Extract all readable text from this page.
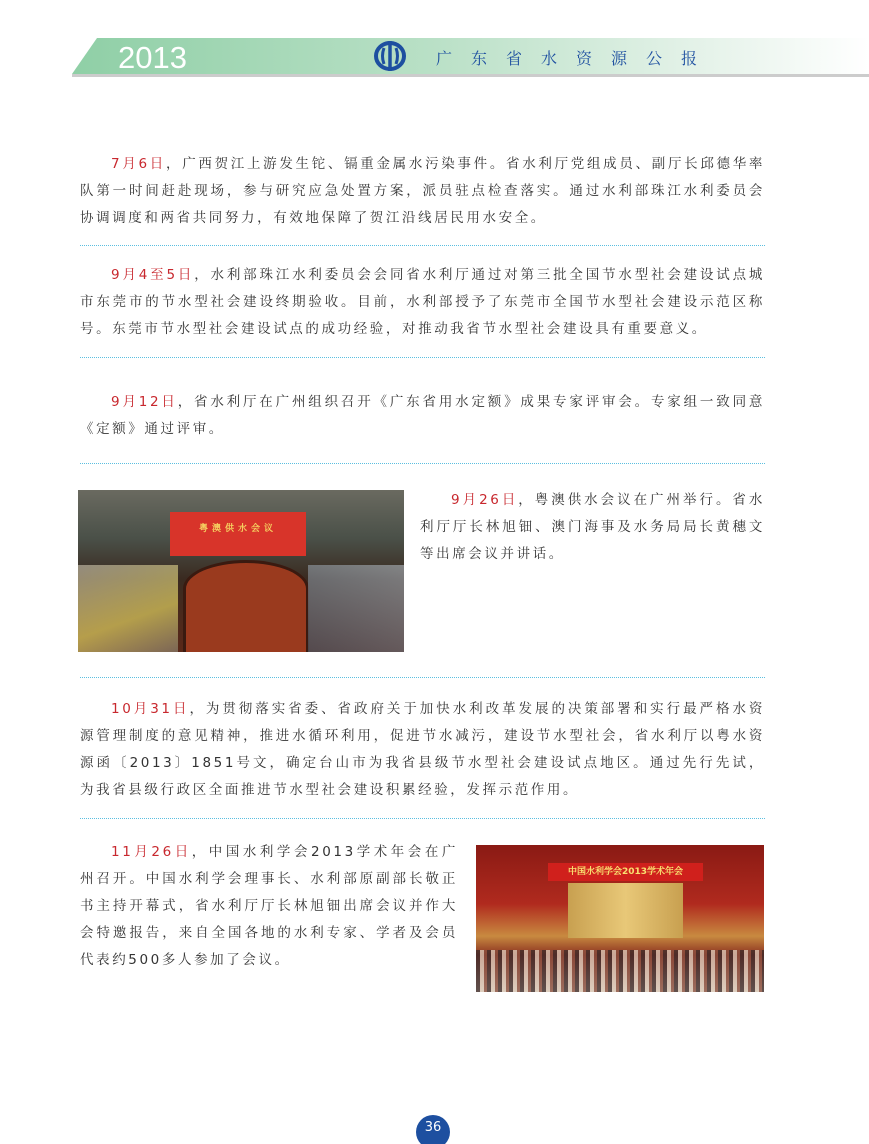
2013	广东省水资源公报

7月6日，广西贺江上游发生铊、镉重金属水污染事件。省水利厅党组成员、副厅长邱德华率队第一时间赶赴现场，参与研究应急处置方案，派员驻点检查落实。通过水利部珠江水利委员会协调调度和两省共同努力，有效地保障了贺江沿线居民用水安全。

9月4至5日，水利部珠江水利委员会会同省水利厅通过对第三批全国节水型社会建设试点城市东莞市的节水型社会建设终期验收。目前，水利部授予了东莞市全国节水型社会建设示范区称号。东莞市节水型社会建设试点的成功经验，对推动我省节水型社会建设具有重要意义。

9月12日，省水利厅在广州组织召开《广东省用水定额》成果专家评审会。专家组一致同意《定额》通过评审。

粤澳供水会议

9月26日，粤澳供水会议在广州举行。省水利厅厅长林旭钿、澳门海事及水务局局长黄穗文等出席会议并讲话。

10月31日，为贯彻落实省委、省政府关于加快水利改革发展的决策部署和实行最严格水资源管理制度的意见精神，推进水循环利用，促进节水减污，建设节水型社会，省水利厅以粤水资源函〔2013〕1851号文，确定台山市为我省县级节水型社会建设试点地区。通过先行先试，为我省县级行政区全面推进节水型社会建设积累经验，发挥示范作用。

11月26日，中国水利学会2013学术年会在广州召开。中国水利学会理事长、水利部原副部长敬正书主持开幕式，省水利厅厅长林旭钿出席会议并作大会特邀报告，来自全国各地的水利专家、学者及会员代表约500多人参加了会议。

中国水利学会2013学术年会
36
